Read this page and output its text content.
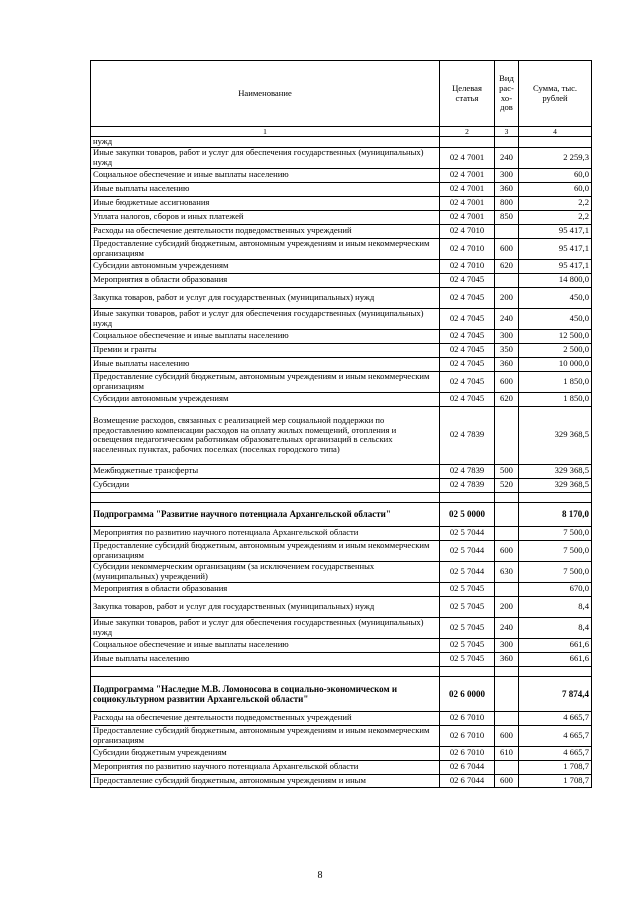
Наименование	Целевая статья	Вид рас-хо-дов	Сумма, тыс. рублей
1	2	3	4
нужд			
Иные закупки товаров, работ и услуг для обеспечения государственных (муниципальных) нужд	02 4 7001	240	2 259,3
Социальное обеспечение и иные выплаты населению	02 4 7001	300	60,0
Иные выплаты населению	02 4 7001	360	60,0
Иные бюджетные ассигнования	02 4 7001	800	2,2
Уплата налогов, сборов и иных платежей	02 4 7001	850	2,2
Расходы на обеспечение деятельности подведомственных учреждений	02 4 7010		95 417,1
Предоставление субсидий бюджетным, автономным учреждениям и иным некоммерческим организациям	02 4 7010	600	95 417,1
Субсидии автономным учреждениям	02 4 7010	620	95 417,1
Мероприятия в области образования	02 4 7045		14 800,0
Закупка товаров, работ и услуг для государственных (муниципальных) нужд	02 4 7045	200	450,0
Иные закупки товаров, работ и услуг для обеспечения государственных (муниципальных) нужд	02 4 7045	240	450,0
Социальное обеспечение и иные выплаты населению	02 4 7045	300	12 500,0
Премии и гранты	02 4 7045	350	2 500,0
Иные выплаты населению	02 4 7045	360	10 000,0
Предоставление субсидий бюджетным, автономным учреждениям и иным некоммерческим организациям	02 4 7045	600	1 850,0
Субсидии автономным учреждениям	02 4 7045	620	1 850,0
Возмещение расходов, связанных с реализацией мер социальной поддержки по предоставлению компенсации расходов на оплату жилых помещений, отопления и освещения педагогическим работникам образовательных организаций в сельских населенных пунктах, рабочих поселках (поселках городского типа)	02 4 7839		329 368,5
Межбюджетные трансферты	02 4 7839	500	329 368,5
Субсидии	02 4 7839	520	329 368,5

Подпрограмма "Развитие научного потенциала Архангельской области"	02 5 0000		8 170,0
Мероприятия по развитию научного потенциала Архангельской области	02 5 7044		7 500,0
Предоставление субсидий бюджетным, автономным учреждениям и иным некоммерческим организациям	02 5 7044	600	7 500,0
Субсидии некоммерческим организациям (за исключением государственных (муниципальных) учреждений)	02 5 7044	630	7 500,0
Мероприятия в области образования	02 5 7045		670,0
Закупка товаров, работ и услуг для государственных (муниципальных) нужд	02 5 7045	200	8,4
Иные закупки товаров, работ и услуг для обеспечения государственных (муниципальных) нужд	02 5 7045	240	8,4
Социальное обеспечение и иные выплаты населению	02 5 7045	300	661,6
Иные выплаты населению	02 5 7045	360	661,6

Подпрограмма "Наследие М.В. Ломоносова в социально-экономическом и социокультурном развитии Архангельской области"	02 6 0000		7 874,4
Расходы на обеспечение деятельности подведомственных учреждений	02 6 7010		4 665,7
Предоставление субсидий бюджетным, автономным учреждениям и иным некоммерческим организациям	02 6 7010	600	4 665,7
Субсидии бюджетным учреждениям	02 6 7010	610	4 665,7
Мероприятия по развитию научного потенциала Архангельской области	02 6 7044		1 708,7
Предоставление субсидий бюджетным, автономным учреждениям и иным	02 6 7044	600	1 708,7
8
